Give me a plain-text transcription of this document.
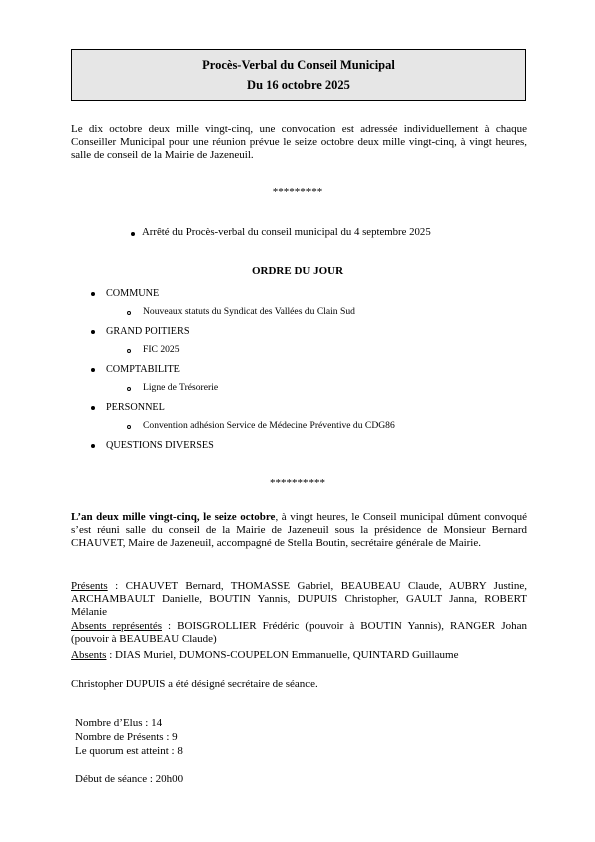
Procès-Verbal du Conseil Municipal
Du 16 octobre 2025
Le dix octobre deux mille vingt-cinq, une convocation est adressée individuellement à chaque Conseiller Municipal pour une réunion prévue le seize octobre deux mille vingt-cinq, à vingt heures, salle de conseil de la Mairie de Jazeneuil.
*********
Arrêté du Procès-verbal du conseil municipal du 4 septembre 2025
ORDRE DU JOUR
COMMUNE
Nouveaux statuts du Syndicat des Vallées du Clain Sud
GRAND POITIERS
FIC 2025
COMPTABILITE
Ligne de Trésorerie
PERSONNEL
Convention adhésion Service de Médecine Préventive du CDG86
QUESTIONS DIVERSES
**********
L’an deux mille vingt-cinq, le seize octobre, à vingt heures, le Conseil municipal dûment convoqué s’est réuni salle du conseil de la Mairie de Jazeneuil sous la présidence de Monsieur Bernard CHAUVET, Maire de Jazeneuil, accompagné de Stella Boutin, secrétaire générale de Mairie.
Présents : CHAUVET Bernard, THOMASSE Gabriel, BEAUBEAU Claude, AUBRY Justine, ARCHAMBAULT Danielle, BOUTIN Yannis, DUPUIS Christopher, GAULT Janna, ROBERT Mélanie
Absents représentés : BOISGROLLIER Frédéric (pouvoir à BOUTIN Yannis), RANGER Johan (pouvoir à BEAUBEAU Claude)
Absents : DIAS Muriel, DUMONS-COUPELON Emmanuelle, QUINTARD Guillaume
Christopher DUPUIS a été désigné secrétaire de séance.
Nombre d’Elus : 14
Nombre de Présents : 9
Le quorum est atteint : 8
Début de séance : 20h00
